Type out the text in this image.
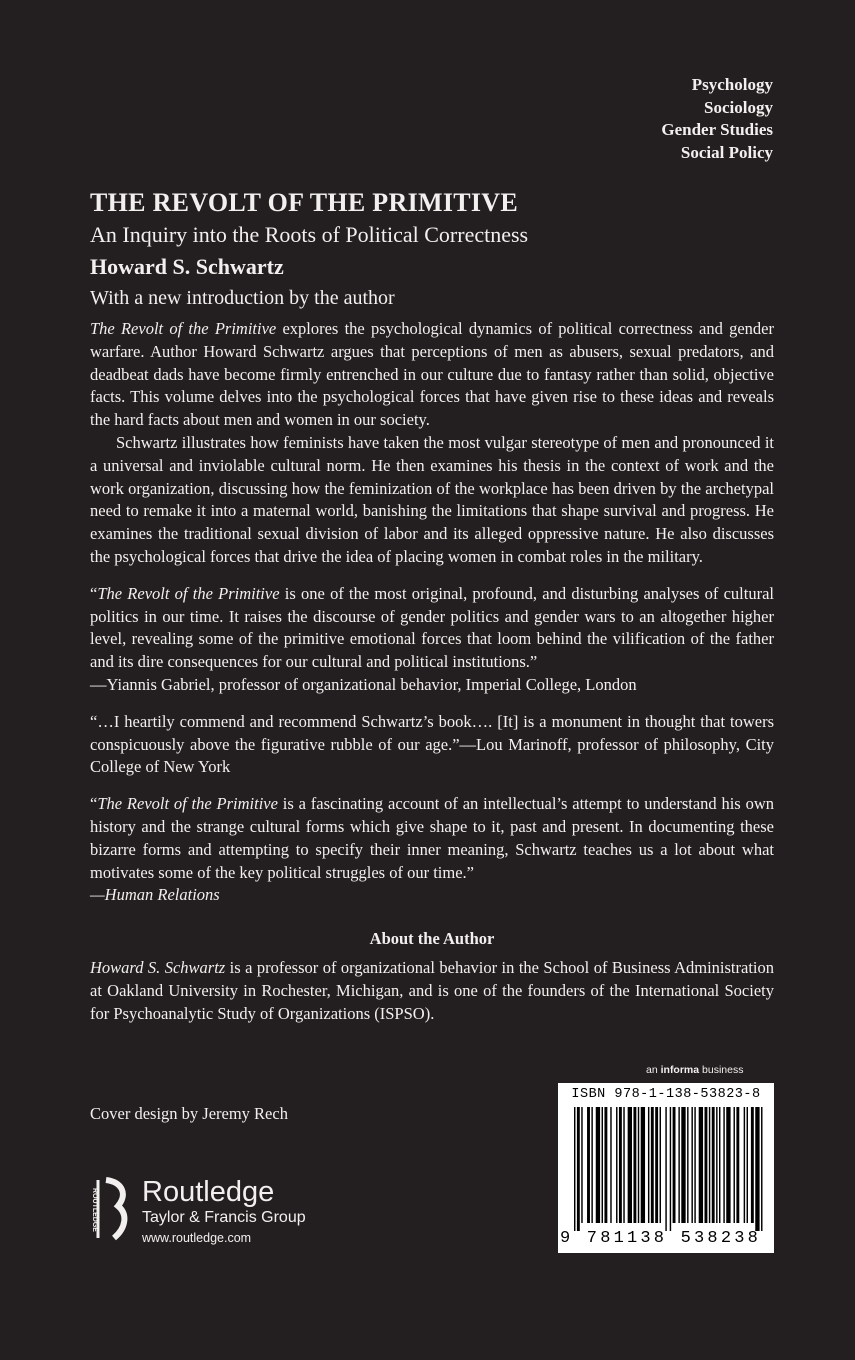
Psychology
Sociology
Gender Studies
Social Policy
THE REVOLT OF THE PRIMITIVE
An Inquiry into the Roots of Political Correctness
Howard S. Schwartz
With a new introduction by the author

The Revolt of the Primitive explores the psychological dynamics of political correctness and gender warfare. Author Howard Schwartz argues that perceptions of men as abusers, sexual predators, and deadbeat dads have become firmly entrenched in our culture due to fantasy rather than solid, objective facts. This volume delves into the psychological forces that have given rise to these ideas and reveals the hard facts about men and women in our society.

Schwartz illustrates how feminists have taken the most vulgar stereotype of men and pronounced it a universal and inviolable cultural norm. He then examines his thesis in the context of work and the work organization, discussing how the feminization of the workplace has been driven by the archetypal need to remake it into a maternal world, banishing the limitations that shape survival and progress. He examines the traditional sexual division of labor and its alleged oppressive nature. He also discusses the psychological forces that drive the idea of placing women in combat roles in the military.

“The Revolt of the Primitive is one of the most original, profound, and disturbing analyses of cultural politics in our time. It raises the discourse of gender politics and gender wars to an altogether higher level, revealing some of the primitive emotional forces that loom behind the vilification of the father and its dire consequences for our cultural and political institutions.”
—Yiannis Gabriel, professor of organizational behavior, Imperial College, London

“…I heartily commend and recommend Schwartz’s book…. [It] is a monument in thought that towers conspicuously above the figurative rubble of our age.”—Lou Marinoff, professor of philosophy, City College of New York

“The Revolt of the Primitive is a fascinating account of an intellectual’s attempt to understand his own history and the strange cultural forms which give shape to it, past and present. In documenting these bizarre forms and attempting to specify their inner meaning, Schwartz teaches us a lot about what motivates some of the key political struggles of our time.”
—Human Relations

About the Author

Howard S. Schwartz is a professor of organizational behavior in the School of Business Administration at Oakland University in Rochester, Michigan, and is one of the founders of the International Society for Psychoanalytic Study of Organizations (ISPSO).

an informa business
ISBN 978-1-138-53823-8
9 781138 538238
Cover design by Jeremy Rech
ROUTLEDGE Routledge
Taylor & Francis Group
www.routledge.com
